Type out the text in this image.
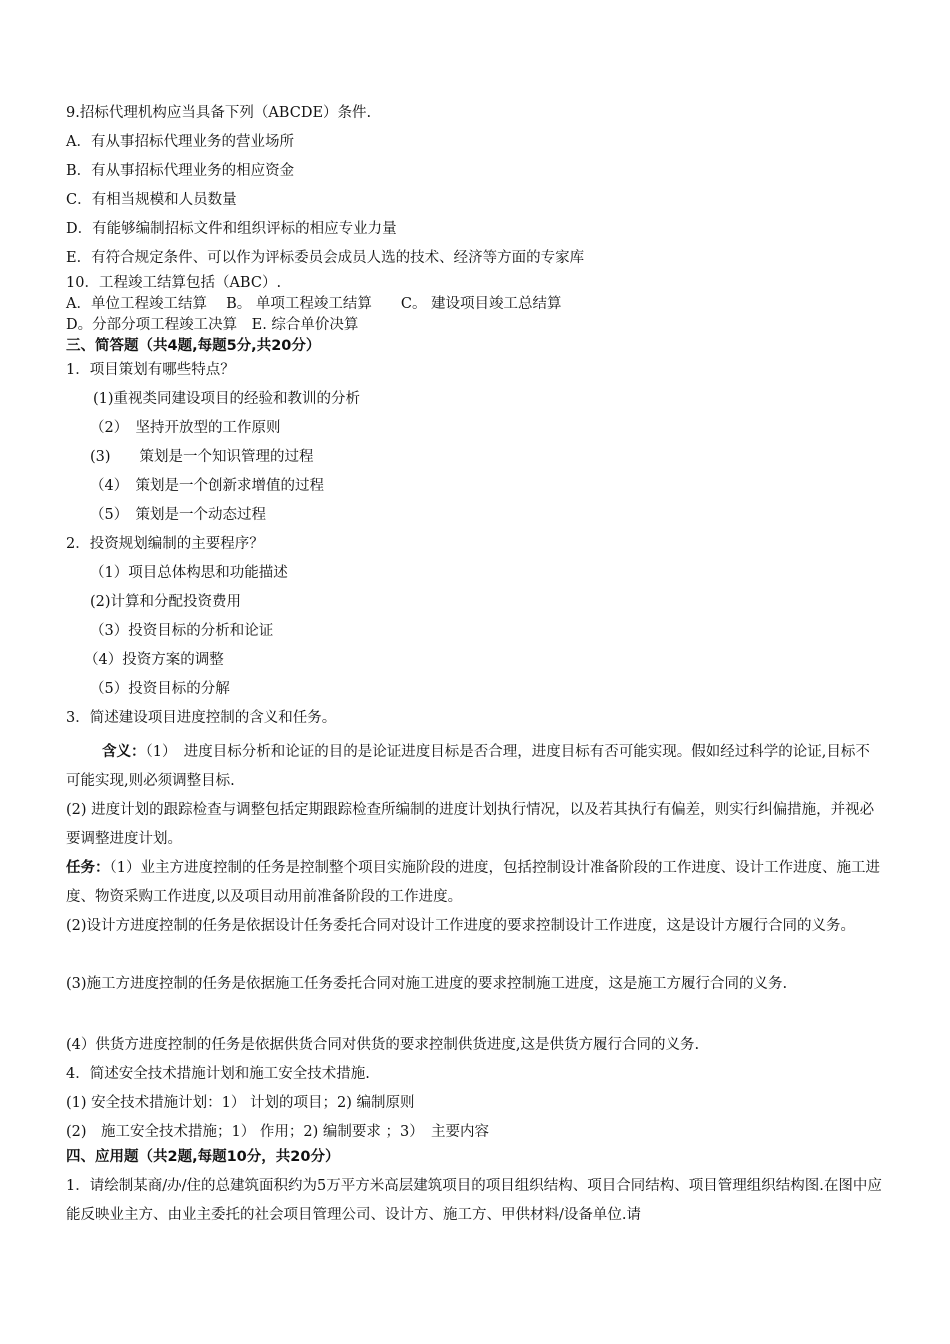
9.招标代理机构应当具备下列（ABCDE）条件.
A．有从事招标代理业务的营业场所
B．有从事招标代理业务的相应资金
C．有相当规模和人员数量
D．有能够编制招标文件和组织评标的相应专业力量
E．有符合规定条件、可以作为评标委员会成员人选的技术、经济等方面的专家库
10．工程竣工结算包括（ABC）.
A．单位工程竣工结算　 B。 单项工程竣工结算　　C。 建设项目竣工总结算
D。分部分项工程竣工决算　E. 综合单价决算
三、简答题（共4题,每题5分,共20分）
1．项目策划有哪些特点？
(1)重视类同建设项目的经验和教训的分析
（2）　坚持开放型的工作原则
(3)　　策划是一个知识管理的过程
（4）　策划是一个创新求增值的过程
（5）　策划是一个动态过程
2．投资规划编制的主要程序？
（1）项目总体构思和功能描述
(2)计算和分配投资费用
（3）投资目标的分析和论证
（4）投资方案的调整
（5）投资目标的分解
3．简述建设项目进度控制的含义和任务。
含义：（1）　进度目标分析和论证的目的是论证进度目标是否合理，进度目标有否可能实现。假如经过科学的论证,目标不可能实现,则必须调整目标.
(2) 进度计划的跟踪检查与调整包括定期跟踪检查所编制的进度计划执行情况，以及若其执行有偏差，则实行纠偏措施，并视必要调整进度计划。
任务：（1）业主方进度控制的任务是控制整个项目实施阶段的进度，包括控制设计准备阶段的工作进度、设计工作进度、施工进度、物资采购工作进度,以及项目动用前准备阶段的工作进度。
(2)设计方进度控制的任务是依据设计任务委托合同对设计工作进度的要求控制设计工作进度，这是设计方履行合同的义务。
(3)施工方进度控制的任务是依据施工任务委托合同对施工进度的要求控制施工进度，这是施工方履行合同的义务.
(4）供货方进度控制的任务是依据供货合同对供货的要求控制供货进度,这是供货方履行合同的义务.
4．简述安全技术措施计划和施工安全技术措施.
(1) 安全技术措施计划：1） 计划的项目；2) 编制原则
(2)　施工安全技术措施；1） 作用；2) 编制要求 ；3）　主要内容
四、应用题（共2题,每题10分，共20分）
1．请绘制某商/办/住的总建筑面积约为5万平方米高层建筑项目的项目组织结构、项目合同结构、项目管理组织结构图.在图中应能反映业主方、由业主委托的社会项目管理公司、设计方、施工方、甲供材料/设备单位.请
